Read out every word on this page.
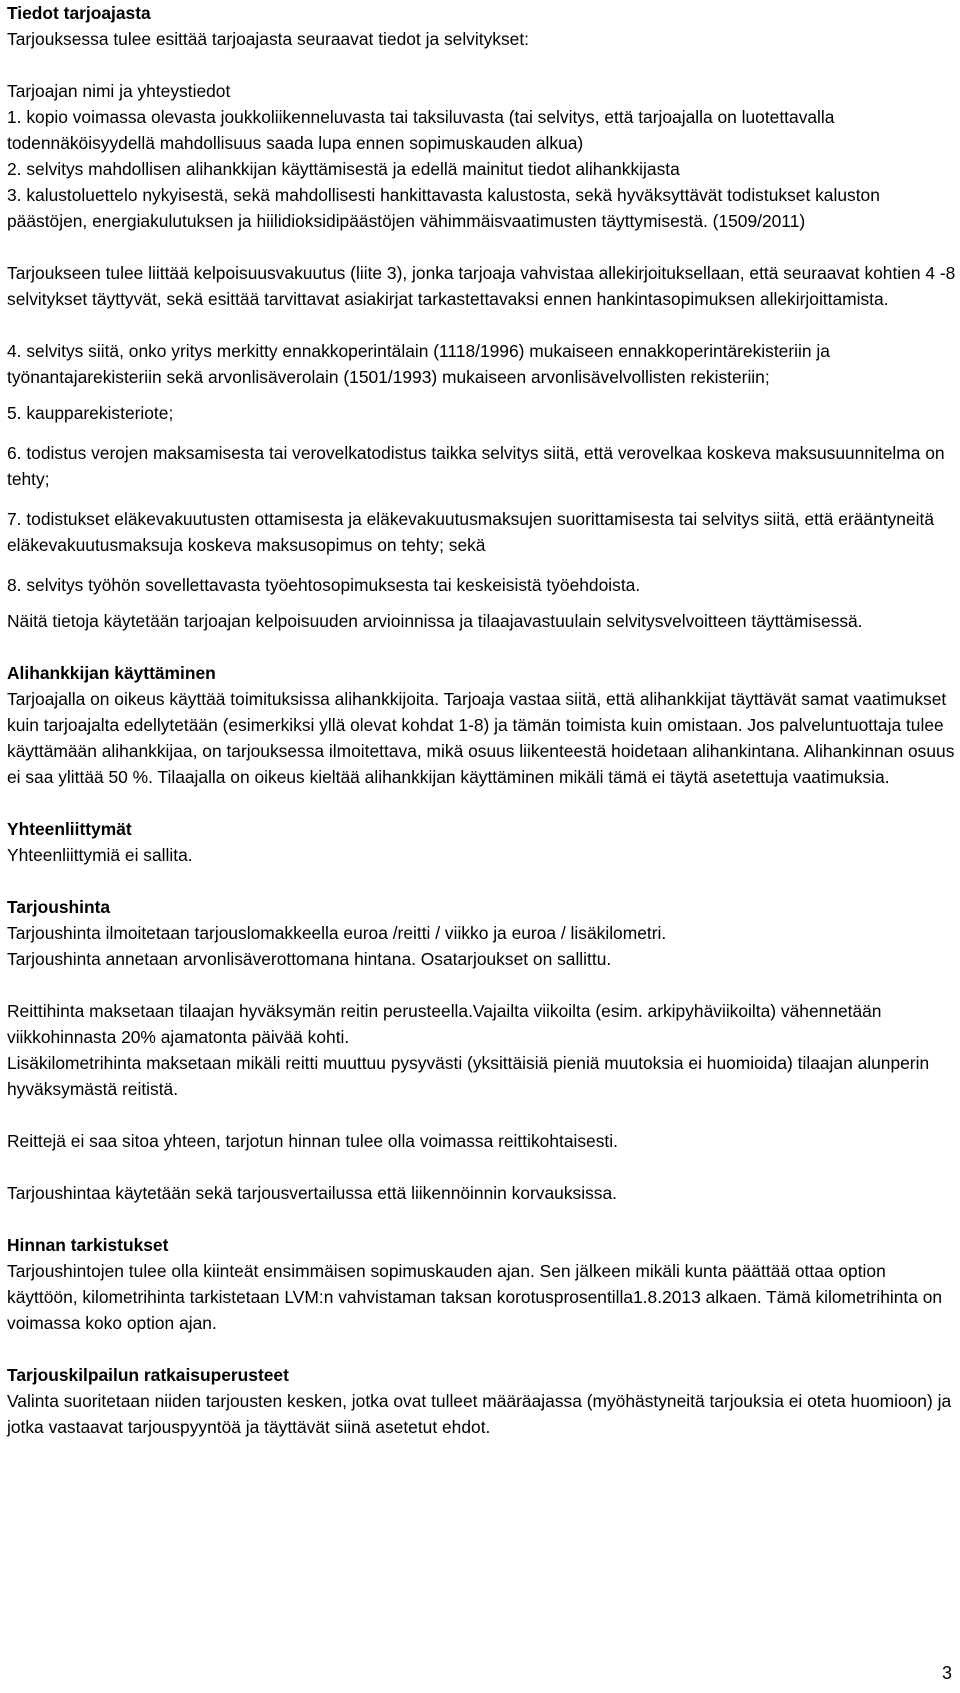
Tiedot tarjoajasta

Tarjouksessa tulee esittää tarjoajasta seuraavat tiedot ja selvitykset:

Tarjoajan nimi ja yhteystiedot

1. kopio voimassa olevasta joukkoliikenneluvasta tai taksiluvasta (tai selvitys, että tarjoajalla on luotettavalla todennäköisyydellä mahdollisuus saada lupa ennen sopimuskauden alkua)

2. selvitys mahdollisen alihankkijan käyttämisestä ja edellä mainitut tiedot alihankkijasta

3. kalustoluettelo nykyisestä, sekä mahdollisesti hankittavasta kalustosta, sekä hyväksyttävät todistukset kaluston päästöjen, energiakulutuksen ja hiilidioksidipäästöjen vähimmäisvaatimusten täyttymisestä. (1509/2011)

Tarjoukseen tulee liittää kelpoisuusvakuutus (liite 3), jonka tarjoaja vahvistaa allekirjoituksellaan, että seuraavat kohtien 4 -8 selvitykset täyttyvät, sekä esittää tarvittavat asiakirjat tarkastettavaksi ennen hankintasopimuksen allekirjoittamista.

4. selvitys siitä, onko yritys merkitty ennakkoperintälain (1118/1996) mukaiseen ennakkoperintärekisteriin ja työnantajarekisteriin sekä arvonlisäverolain (1501/1993) mukaiseen arvonlisävelvollisten rekisteriin;

5. kaupparekisteriote;

6. todistus verojen maksamisesta tai verovelkatodistus taikka selvitys siitä, että verovelkaa koskeva maksusuunnitelma on tehty;

7. todistukset eläkevakuutusten ottamisesta ja eläkevakuutusmaksujen suorittamisesta tai selvitys siitä, että erääntyneitä eläkevakuutusmaksuja koskeva maksusopimus on tehty; sekä

8. selvitys työhön sovellettavasta työehtosopimuksesta tai keskeisistä työehdoista.

Näitä tietoja käytetään tarjoajan kelpoisuuden arvioinnissa ja tilaajavastuulain selvitysvelvoitteen täyttämisessä.

Alihankkijan käyttäminen

Tarjoajalla on oikeus käyttää toimituksissa alihankkijoita. Tarjoaja vastaa siitä, että alihankkijat täyttävät samat vaatimukset kuin tarjoajalta edellytetään (esimerkiksi yllä olevat kohdat 1-8) ja tämän toimista kuin omistaan. Jos palveluntuottaja tulee käyttämään alihankkijaa, on tarjouksessa ilmoitettava, mikä osuus liikenteestä hoidetaan alihankintana. Alihankinnan osuus ei saa ylittää 50 %. Tilaajalla on oikeus kieltää alihankkijan käyttäminen mikäli tämä ei täytä asetettuja vaatimuksia.

Yhteenliittymät

Yhteenliittymiä ei sallita.

Tarjoushinta

Tarjoushinta ilmoitetaan tarjouslomakkeella euroa /reitti / viikko ja euroa / lisäkilometri.

Tarjoushinta annetaan arvonlisäverottomana hintana. Osatarjoukset on sallittu.

Reittihinta maksetaan tilaajan hyväksymän reitin perusteella.Vajailta viikoilta (esim. arkipyhäviikoilta) vähennetään viikkohinnasta 20% ajamatonta päivää kohti.

Lisäkilometrihinta maksetaan mikäli reitti muuttuu pysyvästi (yksittäisiä pieniä muutoksia ei huomioida) tilaajan alunperin hyväksymästä reitistä.

Reittejä ei saa sitoa yhteen, tarjotun hinnan tulee olla voimassa reittikohtaisesti.

Tarjoushintaa käytetään sekä tarjousvertailussa että liikennöinnin korvauksissa.

Hinnan tarkistukset

Tarjoushintojen tulee olla kiinteät ensimmäisen sopimuskauden ajan. Sen jälkeen mikäli kunta päättää ottaa option käyttöön, kilometrihinta tarkistetaan LVM:n vahvistaman taksan korotusprosentilla1.8.2013 alkaen. Tämä kilometrihinta on voimassa koko option ajan.

Tarjouskilpailun ratkaisuperusteet

Valinta suoritetaan niiden tarjousten kesken, jotka ovat tulleet määräajassa (myöhästyneitä tarjouksia ei oteta huomioon) ja jotka vastaavat tarjouspyyntöä ja täyttävät siinä asetetut ehdot.

3
